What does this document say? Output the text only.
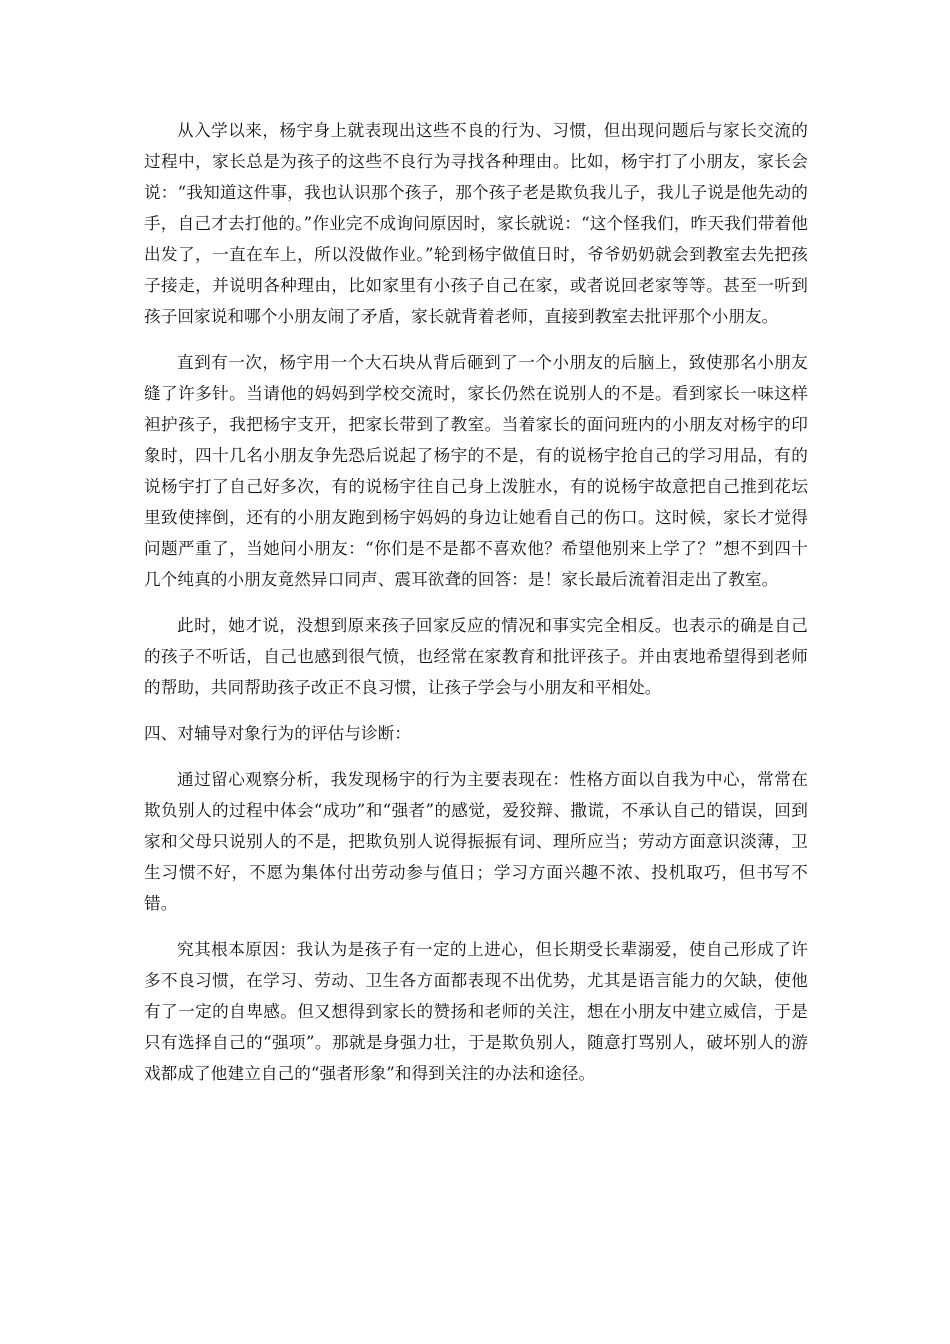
从入学以来，杨宇身上就表现出这些不良的行为、习惯，但出现问题后与家长交流的过程中，家长总是为孩子的这些不良行为寻找各种理由。比如，杨宇打了小朋友，家长会说：“我知道这件事，我也认识那个孩子，那个孩子老是欺负我儿子，我儿子说是他先动的手，自己才去打他的。”作业完不成询问原因时，家长就说：“这个怪我们，昨天我们带着他出发了，一直在车上，所以没做作业。”轮到杨宇做值日时，爷爷奶奶就会到教室去先把孩子接走，并说明各种理由，比如家里有小孩子自己在家，或者说回老家等等。甚至一听到孩子回家说和哪个小朋友闹了矛盾，家长就背着老师，直接到教室去批评那个小朋友。

直到有一次，杨宇用一个大石块从背后砸到了一个小朋友的后脑上，致使那名小朋友缝了许多针。当请他的妈妈到学校交流时，家长仍然在说别人的不是。看到家长一味这样袒护孩子，我把杨宇支开，把家长带到了教室。当着家长的面问班内的小朋友对杨宇的印象时，四十几名小朋友争先恐后说起了杨宇的不是，有的说杨宇抢自己的学习用品，有的说杨宇打了自己好多次，有的说杨宇往自己身上泼脏水，有的说杨宇故意把自己推到花坛里致使摔倒，还有的小朋友跑到杨宇妈妈的身边让她看自己的伤口。这时候，家长才觉得问题严重了，当她问小朋友：“你们是不是都不喜欢他？希望他别来上学了？”想不到四十几个纯真的小朋友竟然异口同声、震耳欲聋的回答：是！家长最后流着泪走出了教室。

此时，她才说，没想到原来孩子回家反应的情况和事实完全相反。也表示的确是自己的孩子不听话，自己也感到很气愤，也经常在家教育和批评孩子。并由衷地希望得到老师的帮助，共同帮助孩子改正不良习惯，让孩子学会与小朋友和平相处。

四、对辅导对象行为的评估与诊断：

通过留心观察分析，我发现杨宇的行为主要表现在：性格方面以自我为中心，常常在欺负别人的过程中体会“成功”和“强者”的感觉，爱狡辩、撒谎，不承认自己的错误，回到家和父母只说别人的不是，把欺负别人说得振振有词、理所应当；劳动方面意识淡薄，卫生习惯不好，不愿为集体付出劳动参与值日；学习方面兴趣不浓、投机取巧，但书写不错。

究其根本原因：我认为是孩子有一定的上进心，但长期受长辈溺爱，使自己形成了许多不良习惯，在学习、劳动、卫生各方面都表现不出优势，尤其是语言能力的欠缺，使他有了一定的自卑感。但又想得到家长的赞扬和老师的关注，想在小朋友中建立威信，于是只有选择自己的“强项”。那就是身强力壮，于是欺负别人，随意打骂别人，破坏别人的游戏都成了他建立自己的“强者形象”和得到关注的办法和途径。
